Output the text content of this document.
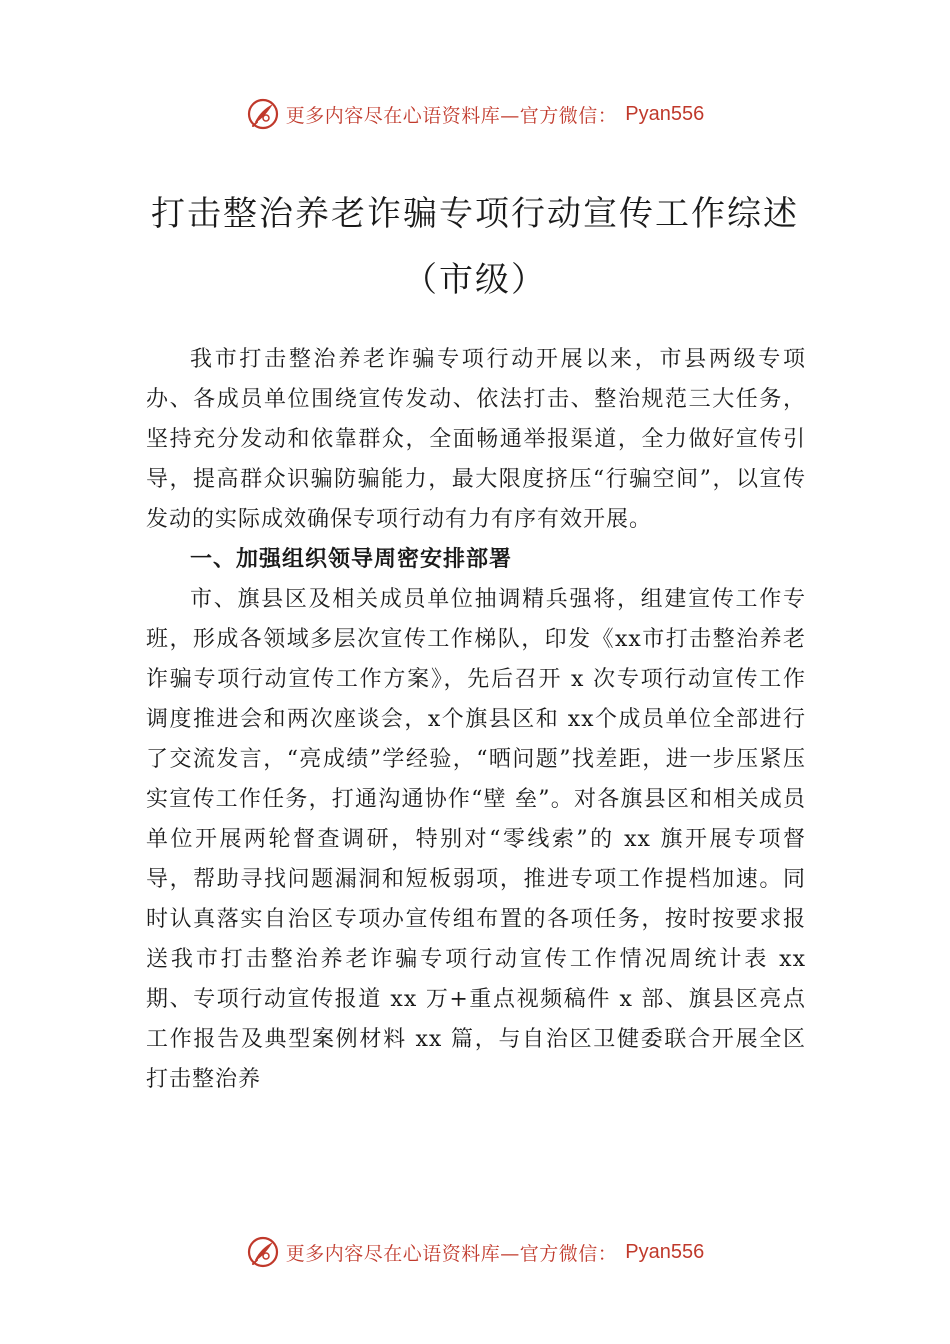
更多内容尽在心语资料库—官方微信： Pyan556
打击整治养老诈骗专项行动宣传工作综述
（市级）

我市打击整治养老诈骗专项行动开展以来，市县两级专项办、各成员单位围绕宣传发动、依法打击、整治规范三大任务，坚持充分发动和依靠群众，全面畅通举报渠道，全力做好宣传引导，提高群众识骗防骗能力，最大限度挤压“行骗空间”，以宣传发动的实际成效确保专项行动有力有序有效开展。

一、加强组织领导周密安排部署

市、旗县区及相关成员单位抽调精兵强将，组建宣传工作专班，形成各领域多层次宣传工作梯队，印发《xx市打击整治养老诈骗专项行动宣传工作方案》，先后召开 x 次专项行动宣传工作调度推进会和两次座谈会，x个旗县区和 xx个成员单位全部进行了交流发言，“亮成绩”学经验，“晒问题”找差距，进一步压紧压实宣传工作任务，打通沟通协作“壁 垒”。对各旗县区和相关成员单位开展两轮督查调研，特别对“零线索”的 xx 旗开展专项督导，帮助寻找问题漏洞和短板弱项，推进专项工作提档加速。同时认真落实自治区专项办宣传组布置的各项任务，按时按要求报送我市打击整治养老诈骗专项行动宣传工作情况周统计表 xx 期、专项行动宣传报道 xx 万+重点视频稿件 x 部、旗县区亮点工作报告及典型案例材料 xx 篇，与自治区卫健委联合开展全区打击整治养

更多内容尽在心语资料库—官方微信： Pyan556
